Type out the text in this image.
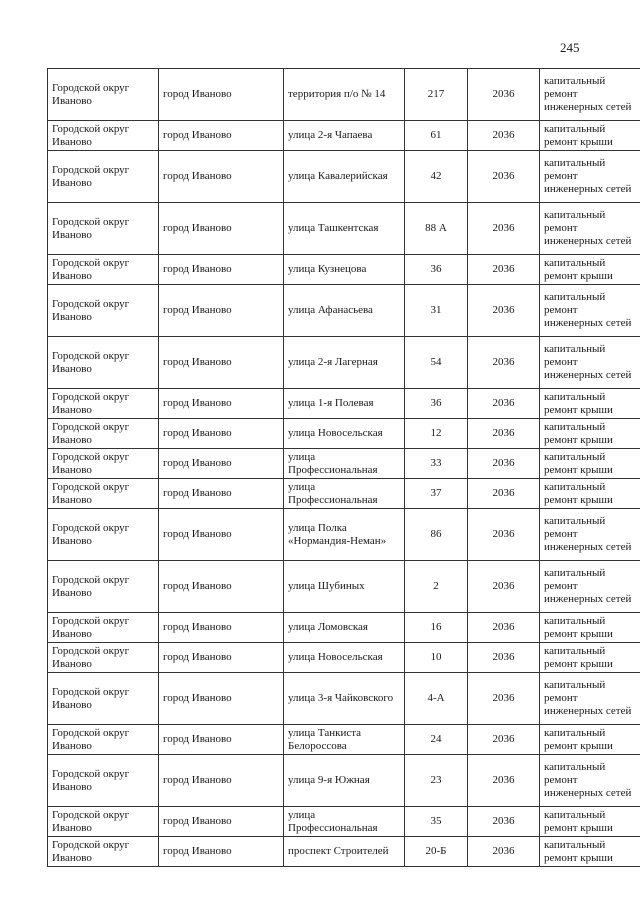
245
Городской округ Иваново	город Иваново	территория п/о № 14	217	2036	капитальный ремонт инженерных сетей
Городской округ Иваново	город Иваново	улица 2-я Чапаева	61	2036	капитальный ремонт крыши
Городской округ Иваново	город Иваново	улица Кавалерийская	42	2036	капитальный ремонт инженерных сетей
Городской округ Иваново	город Иваново	улица Ташкентская	88 А	2036	капитальный ремонт инженерных сетей
Городской округ Иваново	город Иваново	улица Кузнецова	36	2036	капитальный ремонт крыши
Городской округ Иваново	город Иваново	улица Афанасьева	31	2036	капитальный ремонт инженерных сетей
Городской округ Иваново	город Иваново	улица 2-я Лагерная	54	2036	капитальный ремонт инженерных сетей
Городской округ Иваново	город Иваново	улица 1-я Полевая	36	2036	капитальный ремонт крыши
Городской округ Иваново	город Иваново	улица Новосельская	12	2036	капитальный ремонт крыши
Городской округ Иваново	город Иваново	улица Профессиональная	33	2036	капитальный ремонт крыши
Городской округ Иваново	город Иваново	улица Профессиональная	37	2036	капитальный ремонт крыши
Городской округ Иваново	город Иваново	улица Полка «Нормандия-Неман»	86	2036	капитальный ремонт инженерных сетей
Городской округ Иваново	город Иваново	улица Шубиных	2	2036	капитальный ремонт инженерных сетей
Городской округ Иваново	город Иваново	улица Ломовская	16	2036	капитальный ремонт крыши
Городской округ Иваново	город Иваново	улица Новосельская	10	2036	капитальный ремонт крыши
Городской округ Иваново	город Иваново	улица 3-я Чайковского	4-А	2036	капитальный ремонт инженерных сетей
Городской округ Иваново	город Иваново	улица Танкиста Белороссова	24	2036	капитальный ремонт крыши
Городской округ Иваново	город Иваново	улица 9-я Южная	23	2036	капитальный ремонт инженерных сетей
Городской округ Иваново	город Иваново	улица Профессиональная	35	2036	капитальный ремонт крыши
Городской округ Иваново	город Иваново	проспект Строителей	20-Б	2036	капитальный ремонт крыши
